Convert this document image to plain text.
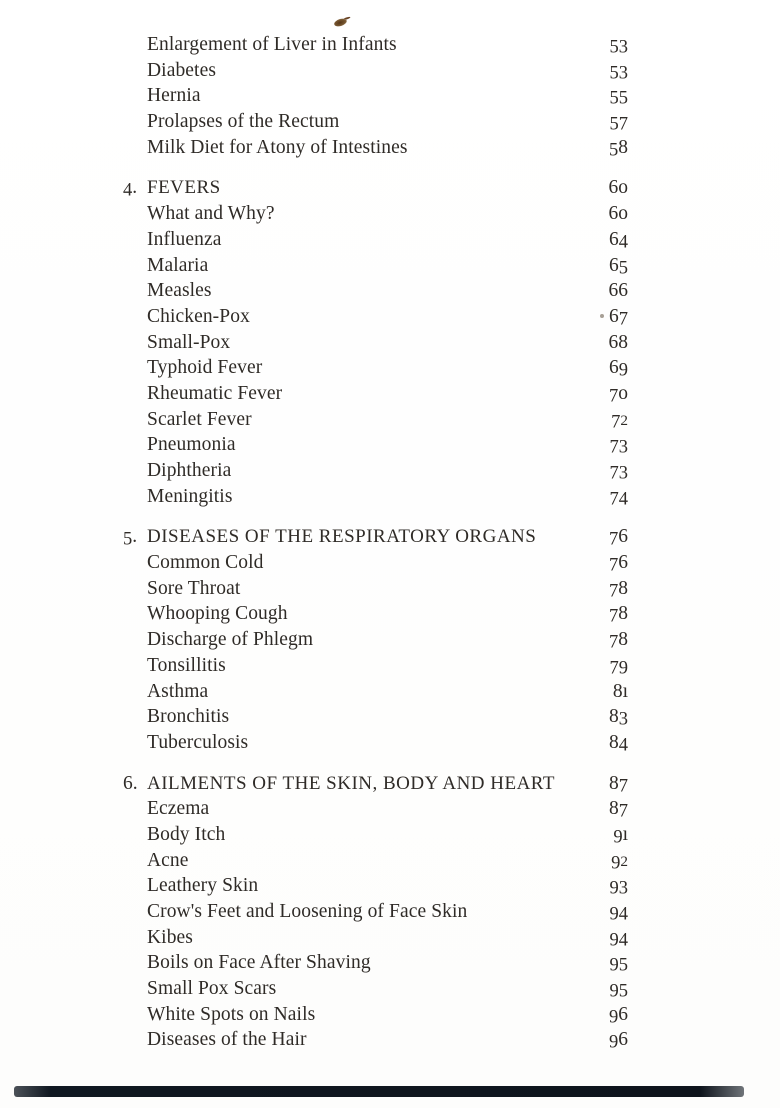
Enlargement of Liver in Infants	53
Diabetes	53
Hernia	55
Prolapses of the Rectum	57
Milk Diet for Atony of Intestines	58
4. FEVERS	6o
What and Why?	6o
Influenza	64
Malaria	65
Measles	66
Chicken-Pox	67
Small-Pox	68
Typhoid Fever	69
Rheumatic Fever	7o
Scarlet Fever	72
Pneumonia	73
Diphtheria	73
Meningitis	74
5. DISEASES OF THE RESPIRATORY ORGANS	76
Common Cold	76
Sore Throat	78
Whooping Cough	78
Discharge of Phlegm	78
Tonsillitis	79
Asthma	8ı
Bronchitis	83
Tuberculosis	84
6. AILMENTS OF THE SKIN, BODY AND HEART	87
Eczema	87
Body Itch	9ı
Acne	92
Leathery Skin	93
Crow's Feet and Loosening of Face Skin	94
Kibes	94
Boils on Face After Shaving	95
Small Pox Scars	95
White Spots on Nails	96
Diseases of the Hair	96
